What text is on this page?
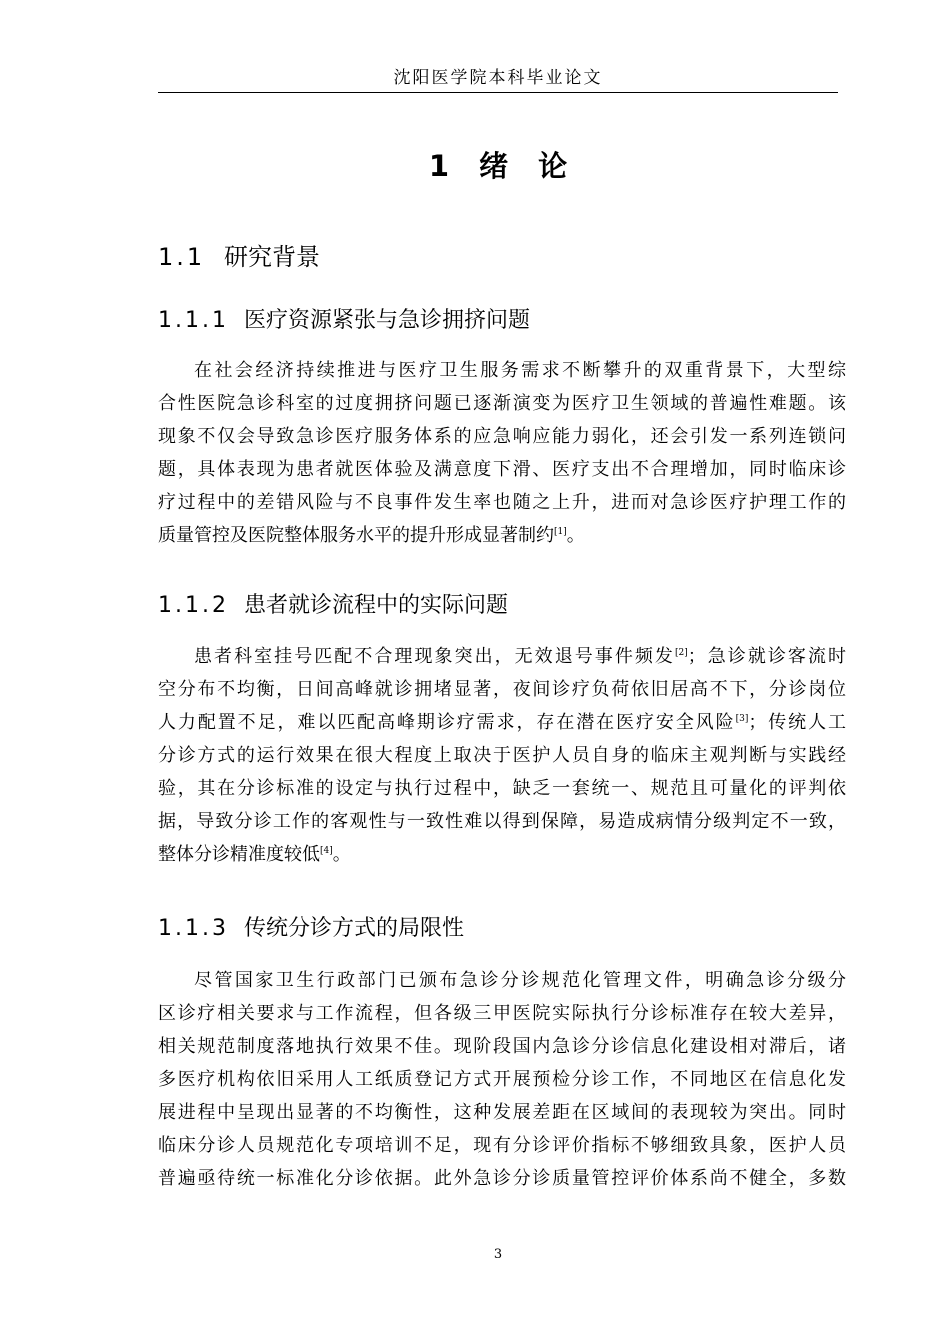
沈阳医学院本科毕业论文
1 绪 论
1.1 研究背景
1.1.1 医疗资源紧张与急诊拥挤问题
在社会经济持续推进与医疗卫生服务需求不断攀升的双重背景下，大型综
合性医院急诊科室的过度拥挤问题已逐渐演变为医疗卫生领域的普遍性难题。该
现象不仅会导致急诊医疗服务体系的应急响应能力弱化，还会引发一系列连锁问
题，具体表现为患者就医体验及满意度下滑、医疗支出不合理增加，同时临床诊
疗过程中的差错风险与不良事件发生率也随之上升，进而对急诊医疗护理工作的
质量管控及医院整体服务水平的提升形成显著制约[1]。
1.1.2 患者就诊流程中的实际问题
患者科室挂号匹配不合理现象突出，无效退号事件频发[2]；急诊就诊客流时
空分布不均衡，日间高峰就诊拥堵显著，夜间诊疗负荷依旧居高不下，分诊岗位
人力配置不足，难以匹配高峰期诊疗需求，存在潜在医疗安全风险[3]；传统人工
分诊方式的运行效果在很大程度上取决于医护人员自身的临床主观判断与实践经
验，其在分诊标准的设定与执行过程中，缺乏一套统一、规范且可量化的评判依
据，导致分诊工作的客观性与一致性难以得到保障，易造成病情分级判定不一致，
整体分诊精准度较低[4]。
1.1.3 传统分诊方式的局限性
尽管国家卫生行政部门已颁布急诊分诊规范化管理文件，明确急诊分级分
区诊疗相关要求与工作流程，但各级三甲医院实际执行分诊标准存在较大差异，
相关规范制度落地执行效果不佳。现阶段国内急诊分诊信息化建设相对滞后，诸
多医疗机构依旧采用人工纸质登记方式开展预检分诊工作，不同地区在信息化发
展进程中呈现出显著的不均衡性，这种发展差距在区域间的表现较为突出。同时
临床分诊人员规范化专项培训不足，现有分诊评价指标不够细致具象，医护人员
普遍亟待统一标准化分诊依据。此外急诊分诊质量管控评价体系尚不健全，多数
3
